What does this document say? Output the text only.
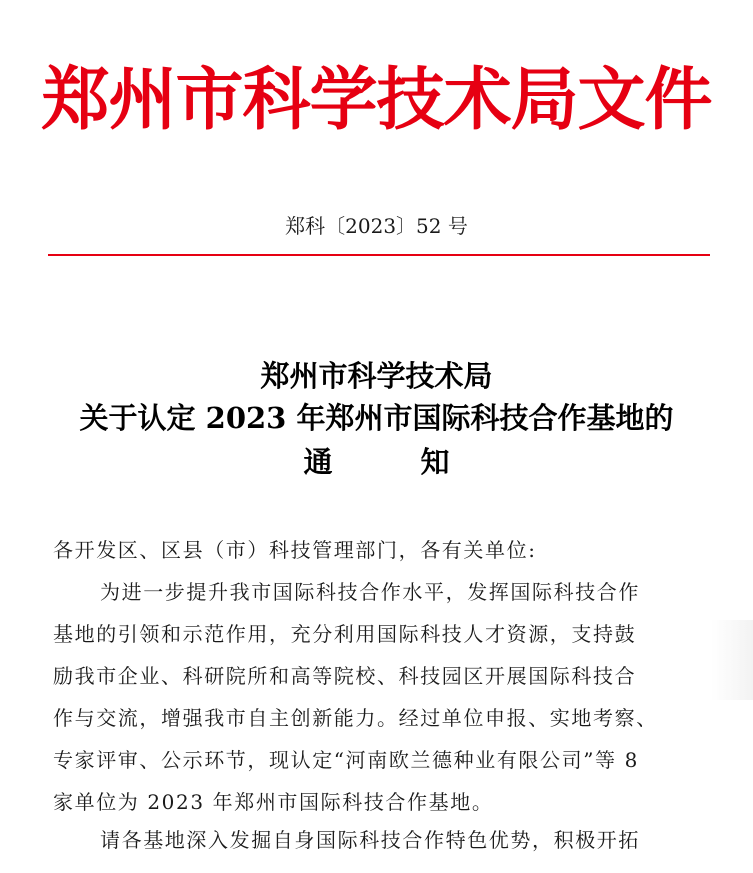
郑州市科学技术局文件
郑科〔2023〕52 号
郑州市科学技术局
关于认定 2023 年郑州市国际科技合作基地的
通	知
各开发区、区县（市）科技管理部门，各有关单位:
为进一步提升我市国际科技合作水平，发挥国际科技合作
基地的引领和示范作用，充分利用国际科技人才资源，支持鼓
励我市企业、科研院所和高等院校、科技园区开展国际科技合
作与交流，增强我市自主创新能力。经过单位申报、实地考察、
专家评审、公示环节，现认定“河南欧兰德种业有限公司”等 8
家单位为 2023 年郑州市国际科技合作基地。
请各基地深入发掘自身国际科技合作特色优势，积极开拓
